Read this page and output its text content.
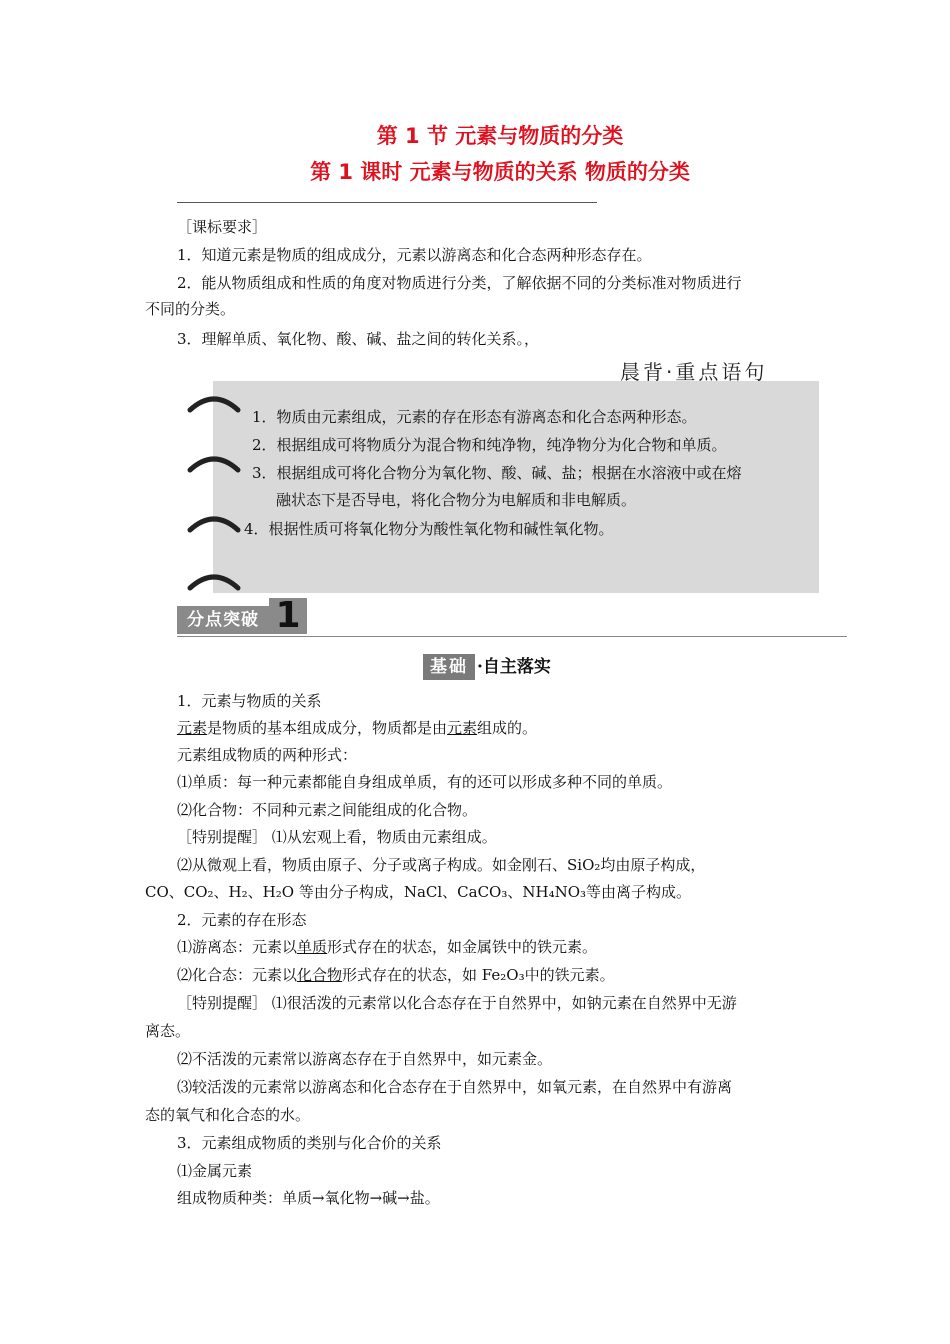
第 1 节 元素与物质的分类
第 1 课时 元素与物质的关系 物质的分类
［课标要求］
1．知道元素是物质的组成成分，元素以游离态和化合态两种形态存在。
2．能从物质组成和性质的角度对物质进行分类，了解依据不同的分类标准对物质进行
不同的分类。
3．理解单质、氧化物、酸、碱、盐之间的转化关系。，
晨背·重点语句
1．物质由元素组成，元素的存在形态有游离态和化合态两种形态。
2．根据组成可将物质分为混合物和纯净物，纯净物分为化合物和单质。
3．根据组成可将化合物分为氧化物、酸、碱、盐；根据在水溶液中或在熔
融状态下是否导电，将化合物分为电解质和非电解质。
4．根据性质可将氧化物分为酸性氧化物和碱性氧化物。
分点突破 1
基础 ·自主落实
1．元素与物质的关系
元素是物质的基本组成成分，物质都是由元素组成的。
元素组成物质的两种形式：
⑴单质：每一种元素都能自身组成单质，有的还可以形成多种不同的单质。
⑵化合物：不同种元素之间能组成的化合物。
［特别提醒］ ⑴从宏观上看，物质由元素组成。
⑵从微观上看，物质由原子、分子或离子构成。如金刚石、SiO₂均由原子构成，
CO、CO₂、H₂、H₂O 等由分子构成，NaCl、CaCO₃、NH₄NO₃等由离子构成。
2．元素的存在形态
⑴游离态：元素以单质形式存在的状态，如金属铁中的铁元素。
⑵化合态：元素以化合物形式存在的状态，如 Fe₂O₃中的铁元素。
［特别提醒］ ⑴很活泼的元素常以化合态存在于自然界中，如钠元素在自然界中无游
离态。
⑵不活泼的元素常以游离态存在于自然界中，如元素金。
⑶较活泼的元素常以游离态和化合态存在于自然界中，如氧元素，在自然界中有游离
态的氧气和化合态的水。
3．元素组成物质的类别与化合价的关系
⑴金属元素
组成物质种类：单质→氧化物→碱→盐。
